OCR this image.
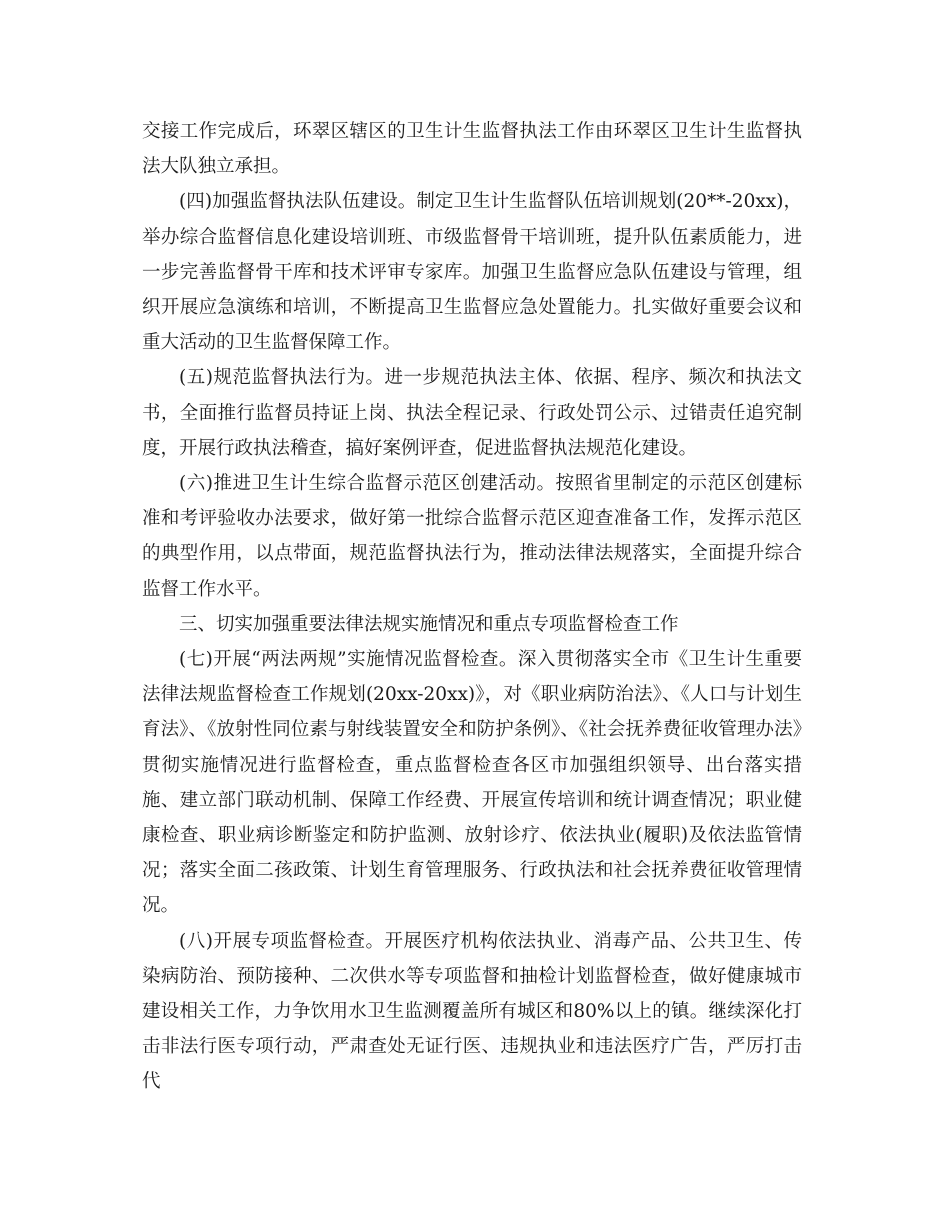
交接工作完成后，环翠区辖区的卫生计生监督执法工作由环翠区卫生计生监督执法大队独立承担。

(四)加强监督执法队伍建设。制定卫生计生监督队伍培训规划(20**-20xx)，举办综合监督信息化建设培训班、市级监督骨干培训班，提升队伍素质能力，进一步完善监督骨干库和技术评审专家库。加强卫生监督应急队伍建设与管理，组织开展应急演练和培训，不断提高卫生监督应急处置能力。扎实做好重要会议和重大活动的卫生监督保障工作。

(五)规范监督执法行为。进一步规范执法主体、依据、程序、频次和执法文书，全面推行监督员持证上岗、执法全程记录、行政处罚公示、过错责任追究制度，开展行政执法稽查，搞好案例评查，促进监督执法规范化建设。

(六)推进卫生计生综合监督示范区创建活动。按照省里制定的示范区创建标准和考评验收办法要求，做好第一批综合监督示范区迎查准备工作，发挥示范区的典型作用，以点带面，规范监督执法行为，推动法律法规落实，全面提升综合监督工作水平。

三、切实加强重要法律法规实施情况和重点专项监督检查工作

(七)开展“两法两规”实施情况监督检查。深入贯彻落实全市《卫生计生重要法律法规监督检查工作规划(20xx-20xx)》，对《职业病防治法》、《人口与计划生育法》、《放射性同位素与射线装置安全和防护条例》、《社会抚养费征收管理办法》贯彻实施情况进行监督检查，重点监督检查各区市加强组织领导、出台落实措施、建立部门联动机制、保障工作经费、开展宣传培训和统计调查情况；职业健康检查、职业病诊断鉴定和防护监测、放射诊疗、依法执业(履职)及依法监管情况；落实全面二孩政策、计划生育管理服务、行政执法和社会抚养费征收管理情况。

(八)开展专项监督检查。开展医疗机构依法执业、消毒产品、公共卫生、传染病防治、预防接种、二次供水等专项监督和抽检计划监督检查，做好健康城市建设相关工作，力争饮用水卫生监测覆盖所有城区和80%以上的镇。继续深化打击非法行医专项行动，严肃查处无证行医、违规执业和违法医疗广告，严厉打击代
